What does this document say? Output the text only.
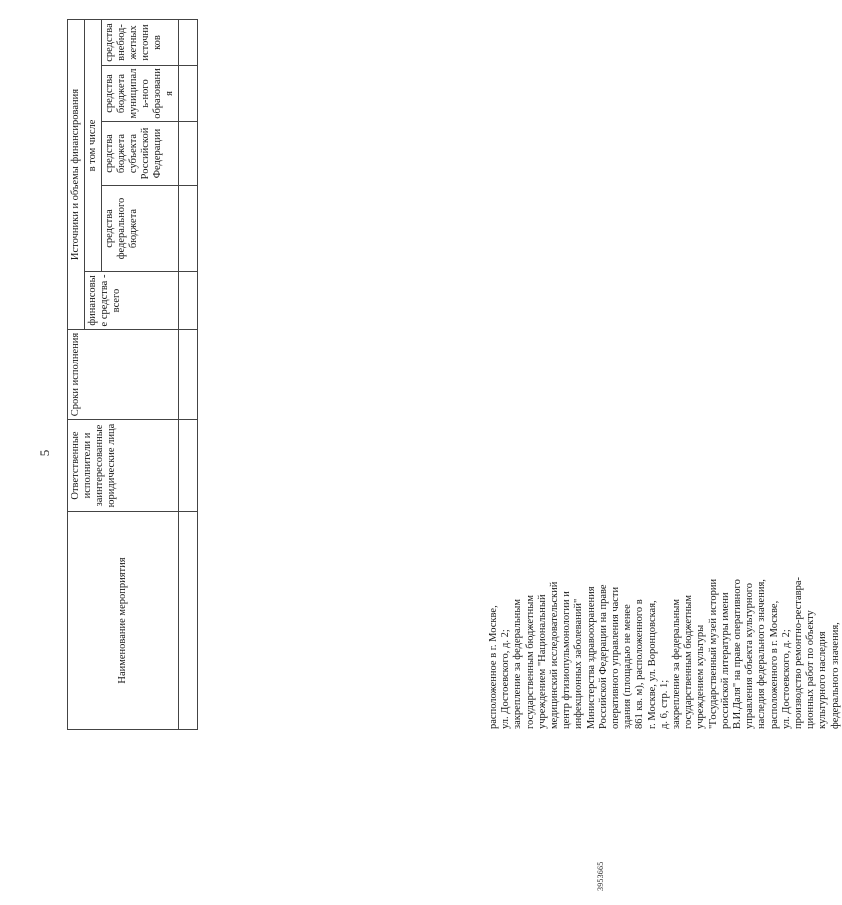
5
Наименование мероприятия	Ответственные исполнители и заинтересованные юридические лица	Сроки исполнения	Источники и объемы финансирования				
			финансовые средства - всего	в том числе			
				средства федерального бюджета	средства бюджета субъекта Российской Федерации	средства бюджета муниципаль-ного образования	средства внебюд-жетных источников

расположенное в г. Москве, ул. Достоевского, д. 2; закрепление за федеральным государственным бюджетным учреждением "Национальный медицинский исследовательский центр фтизиопульмонологии и инфекционных заболеваний" Министерства здравоохранения Российской Федерации на праве оперативного управления части здания (площадью не менее 861 кв. м), расположенного в г. Москве, ул. Воронцовская, д. 6, стр. 1; закрепление за федеральным государственным бюджетным учреждением культуры "Государственный музей истории российской литературы имени В.И.Даля" на праве оперативного управления объекта культурного наследия федерального значения, расположенного в г. Москве, ул. Достоевского, д. 2; производство ремонтно-реставра- ционных работ по объекту культурного наследия федерального значения,
3953665
